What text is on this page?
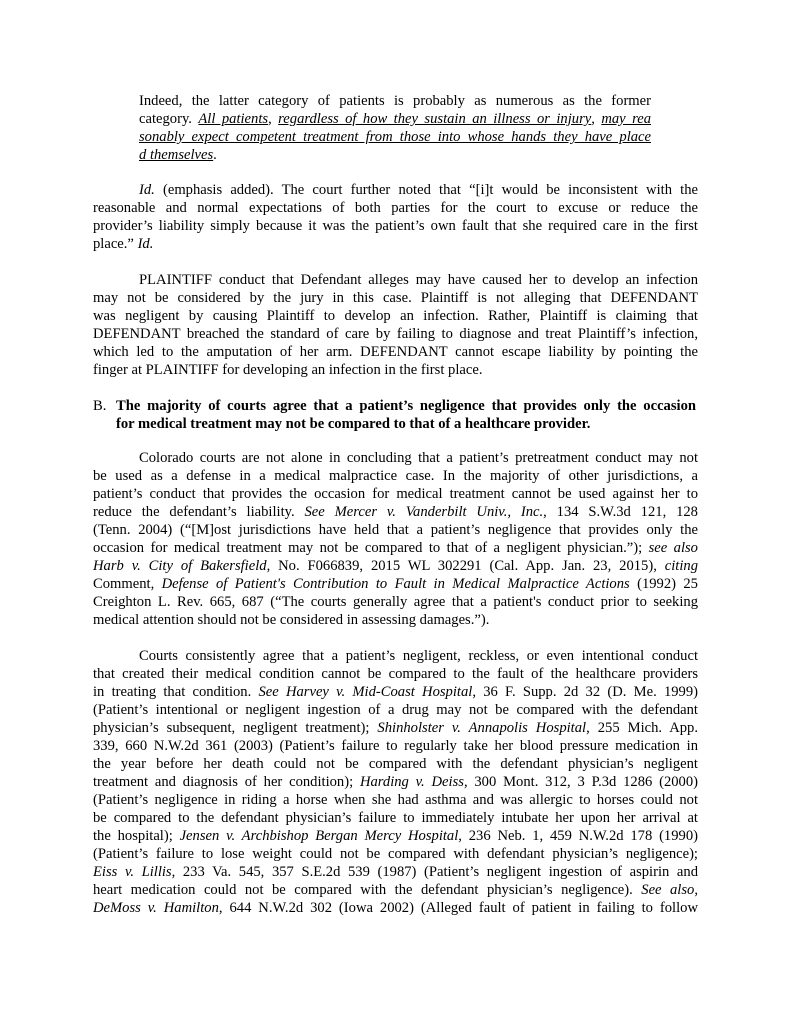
Indeed, the latter category of patients is probably as numerous as the former
category. All patients, regardless of how they sustain an illness or injury, may rea
sonably expect competent treatment from those into whose hands they have place
d themselves.
Id. (emphasis added). The court further noted that “[i]t would be inconsistent with the
reasonable and normal expectations of both parties for the court to excuse or reduce the
provider’s liability simply because it was the patient’s own fault that she required care in the first
place.” Id.
PLAINTIFF conduct that Defendant alleges may have caused her to develop an infection
may not be considered by the jury in this case. Plaintiff is not alleging that DEFENDANT
was negligent by causing Plaintiff to develop an infection. Rather, Plaintiff is claiming that
DEFENDANT breached the standard of care by failing to diagnose and treat Plaintiff’s infection,
which led to the amputation of her arm. DEFENDANT cannot escape liability by pointing the
finger at PLAINTIFF for developing an infection in the first place.
B. The majority of courts agree that a patient’s negligence that provides only the occasion
for medical treatment may not be compared to that of a healthcare provider.
Colorado courts are not alone in concluding that a patient’s pretreatment conduct may not
be used as a defense in a medical malpractice case. In the majority of other jurisdictions, a
patient’s conduct that provides the occasion for medical treatment cannot be used against her to
reduce the defendant’s liability. See Mercer v. Vanderbilt Univ., Inc., 134 S.W.3d 121, 128
(Tenn. 2004) (“[M]ost jurisdictions have held that a patient’s negligence that provides only the
occasion for medical treatment may not be compared to that of a negligent physician.”); see also
Harb v. City of Bakersfield, No. F066839, 2015 WL 302291 (Cal. App. Jan. 23, 2015), citing
Comment, Defense of Patient's Contribution to Fault in Medical Malpractice Actions (1992) 25
Creighton L. Rev. 665, 687 (“The courts generally agree that a patient's conduct prior to seeking
medical attention should not be considered in assessing damages.”).
Courts consistently agree that a patient’s negligent, reckless, or even intentional conduct
that created their medical condition cannot be compared to the fault of the healthcare providers
in treating that condition. See Harvey v. Mid-Coast Hospital, 36 F. Supp. 2d 32 (D. Me. 1999)
(Patient’s intentional or negligent ingestion of a drug may not be compared with the defendant
physician’s subsequent, negligent treatment); Shinholster v. Annapolis Hospital, 255 Mich. App.
339, 660 N.W.2d 361 (2003) (Patient’s failure to regularly take her blood pressure medication in
the year before her death could not be compared with the defendant physician’s negligent
treatment and diagnosis of her condition); Harding v. Deiss, 300 Mont. 312, 3 P.3d 1286 (2000)
(Patient’s negligence in riding a horse when she had asthma and was allergic to horses could not
be compared to the defendant physician’s failure to immediately intubate her upon her arrival at
the hospital); Jensen v. Archbishop Bergan Mercy Hospital, 236 Neb. 1, 459 N.W.2d 178 (1990)
(Patient’s failure to lose weight could not be compared with defendant physician’s negligence);
Eiss v. Lillis, 233 Va. 545, 357 S.E.2d 539 (1987) (Patient’s negligent ingestion of aspirin and
heart medication could not be compared with the defendant physician’s negligence). See also,
DeMoss v. Hamilton, 644 N.W.2d 302 (Iowa 2002) (Alleged fault of patient in failing to follow
